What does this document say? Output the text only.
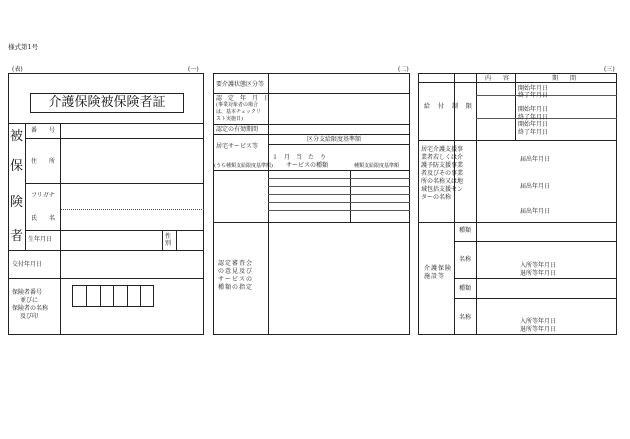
様式第1号
(表)	(一)
介護保険被保険者証
被
保
険
者
番　　号
住　　所
フリガナ
氏　　名
生年月日	性別
交付年月日
保険者番号
並びに
保険者の名称
及び印
(二)
要介護状態区分等
認　定　年　月　日
(事業対象者の場合
は、基本チェックリ
スト実施日)
認定の有効期間
区分支給限度基準額
居宅サービス等
１　月　当　た　り
(うち種類支給限度基準額) サービスの種類	種類支給限度基準額
認定審査会
の意見及び
サービスの
種類の指定
(三)
内　　容	期　　間
給　付　制　限
開始年月日
終了年月日
開始年月日
終了年月日
開始年月日
終了年月日
居宅介護支援事
業者若しくは介
護予防支援事業
者及びその事業
所の名称又は地
域包括支援セン
ターの名称
届出年月日
届出年月日
届出年月日
介護保険
施設等
種類
名称
入所等年月日
退所等年月日
種類
名称
入所等年月日
退所等年月日
